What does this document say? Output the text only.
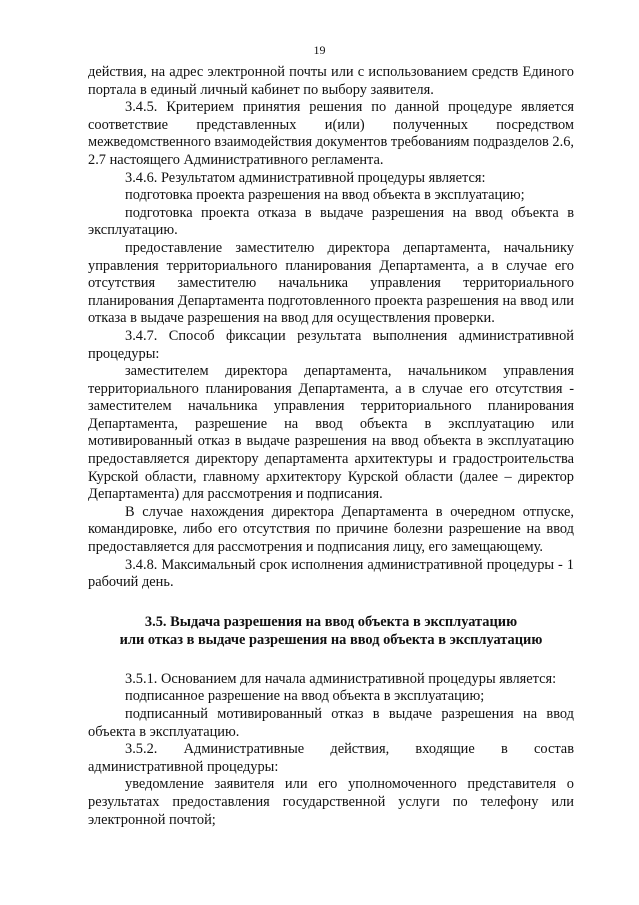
19

действия, на адрес электронной почты или с использованием средств Единого портала в единый личный кабинет по выбору заявителя.

3.4.5. Критерием принятия решения по данной процедуре является соответствие представленных и(или) полученных посредством межведомственного взаимодействия документов требованиям подразделов 2.6, 2.7 настоящего Административного регламента.

3.4.6. Результатом административной процедуры является:

подготовка проекта разрешения на ввод объекта в эксплуатацию;

подготовка проекта отказа в выдаче разрешения на ввод объекта в эксплуатацию.

предоставление заместителю директора департамента, начальнику управления территориального планирования Департамента, а в случае его отсутствия заместителю начальника управления территориального планирования Департамента подготовленного проекта разрешения на ввод или отказа в выдаче разрешения на ввод для осуществления проверки.

3.4.7. Способ фиксации результата выполнения административной процедуры:

заместителем директора департамента, начальником управления территориального планирования Департамента, а в случае его отсутствия - заместителем начальника управления территориального планирования Департамента, разрешение на ввод объекта в эксплуатацию или мотивированный отказ в выдаче разрешения на ввод объекта в эксплуатацию предоставляется директору департамента архитектуры и градостроительства Курской области, главному архитектору Курской области (далее – директор Департамента) для рассмотрения и подписания.

В случае нахождения директора Департамента в очередном отпуске, командировке, либо его отсутствия по причине болезни разрешение на ввод предоставляется для рассмотрения и подписания лицу, его замещающему.

3.4.8. Максимальный срок исполнения административной процедуры - 1 рабочий день.

3.5. Выдача разрешения на ввод объекта в эксплуатацию
или отказ в выдаче разрешения на ввод объекта в эксплуатацию

3.5.1. Основанием для начала административной процедуры является:

подписанное разрешение на ввод объекта в эксплуатацию;

подписанный мотивированный отказ в выдаче разрешения на ввод объекта в эксплуатацию.

3.5.2. Административные действия, входящие в состав административной процедуры:

уведомление заявителя или его уполномоченного представителя о результатах предоставления государственной услуги по телефону или электронной почтой;
